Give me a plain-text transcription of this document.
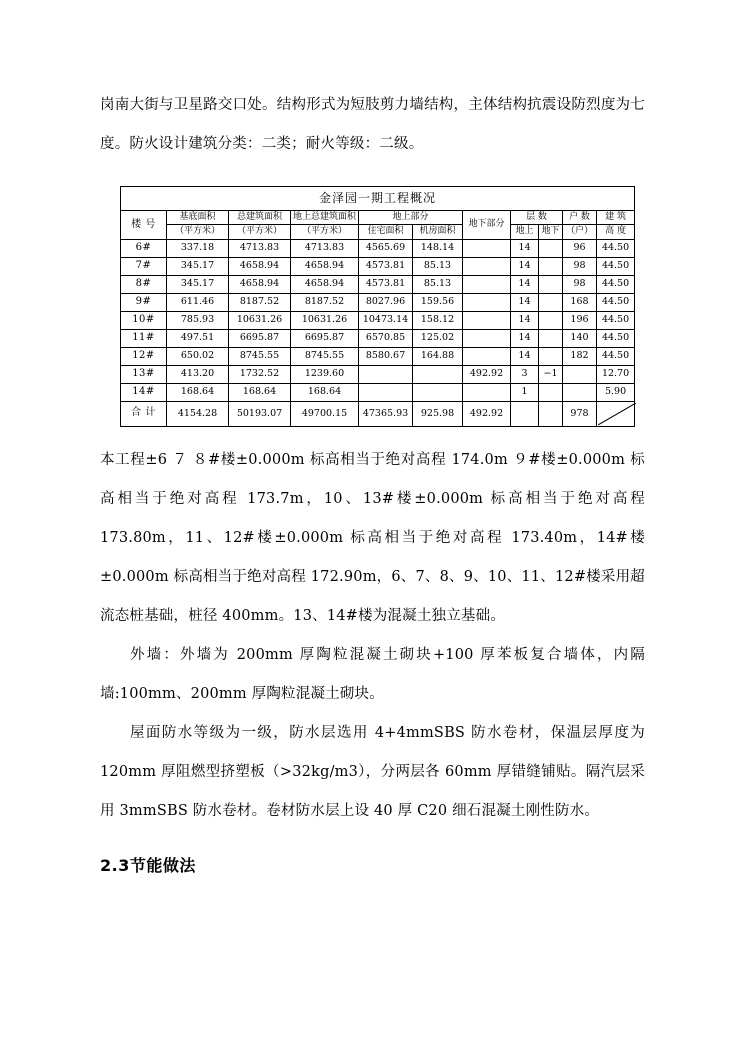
岗南大街与卫星路交口处。结构形式为短肢剪力墙结构，主体结构抗震设防烈度为七度。防火设计建筑分类：二类；耐火等级：二级。

金泽园一期工程概况										
楼 号	基底面积	总建筑面积	地上总建筑面积	地上部分		地下部分	层 数		户 数	建 筑
	（平方米）	（平方米）	（平方米）	住宅面积	机房面积		地上	地下	（户）	高 度
6#	337.18	4713.83	4713.83	4565.69	148.14		14		96	44.50
7#	345.17	4658.94	4658.94	4573.81	85.13		14		98	44.50
8#	345.17	4658.94	4658.94	4573.81	85.13		14		98	44.50
9#	611.46	8187.52	8187.52	8027.96	159.56		14		168	44.50
10#	785.93	10631.26	10631.26	10473.14	158.12		14		196	44.50
11#	497.51	6695.87	6695.87	6570.85	125.02		14		140	44.50
12#	650.02	8745.55	8745.55	8580.67	164.88		14		182	44.50
13#	413.20	1732.52	1239.60			492.92	3	−1		12.70
14#	168.64	168.64	168.64				1			5.90
合 计	4154.28	50193.07	49700.15	47365.93	925.98	492.92			978	

本工程±6 ７ ８#楼±0.000m 标高相当于绝对高程 174.0m ９#楼±0.000m 标高相当于绝对高程 173.7m，10、13#楼±0.000m 标高相当于绝对高程 173.80m，11、12#楼±0.000m 标高相当于绝对高程 173.40m，14#楼±0.000m 标高相当于绝对高程 172.90m，6、7、8、9、10、11、12#楼采用超流态桩基础，桩径 400mm。13、14#楼为混凝土独立基础。

外墙：外墙为 200mm 厚陶粒混凝土砌块+100 厚苯板复合墙体，内隔墙:100mm、200mm 厚陶粒混凝土砌块。

屋面防水等级为一级，防水层选用 4+4mmSBS 防水卷材，保温层厚度为 120mm 厚阻燃型挤塑板（>32kg/m3），分两层各 60mm 厚错缝铺贴。隔汽层采用 3mmSBS 防水卷材。卷材防水层上设 40 厚 C20 细石混凝土刚性防水。

2.3节能做法
